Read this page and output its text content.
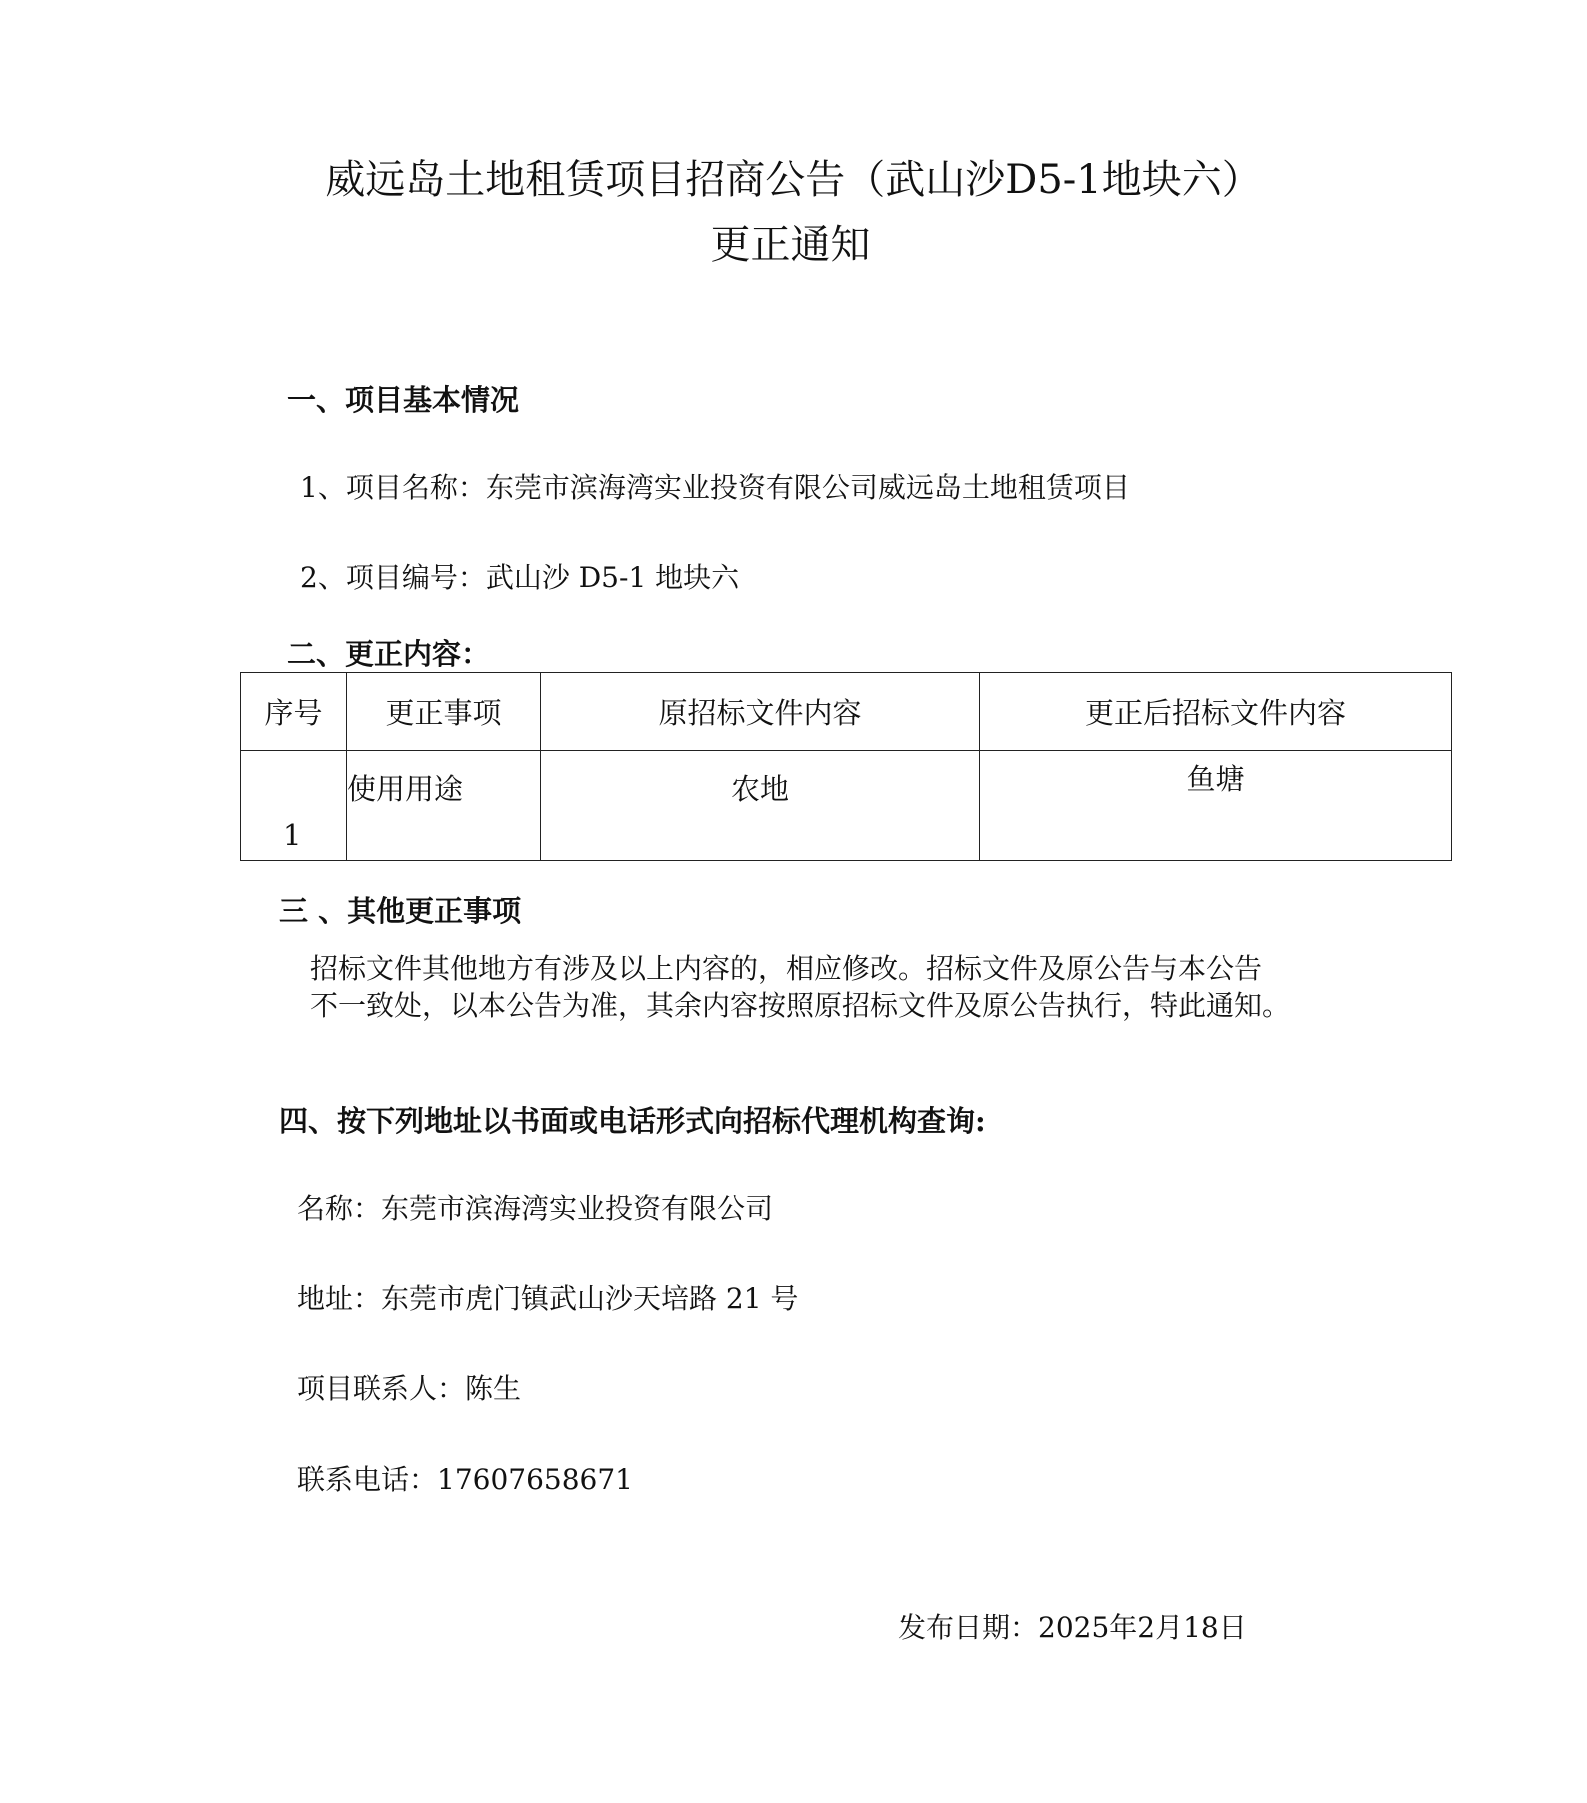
威远岛土地租赁项目招商公告（武山沙D5-1地块六）
更正通知
一、项目基本情况
1、项目名称：东莞市滨海湾实业投资有限公司威远岛土地租赁项目
2、项目编号：武山沙 D5-1 地块六
二、更正内容：
序号	更正事项	原招标文件内容	更正后招标文件内容
1	使用用途	农地	鱼塘
三 、其他更正事项
招标文件其他地方有涉及以上内容的，相应修改。招标文件及原公告与本公告
不一致处，以本公告为准，其余内容按照原招标文件及原公告执行，特此通知。
四、按下列地址以书面或电话形式向招标代理机构查询:
名称：东莞市滨海湾实业投资有限公司
地址：东莞市虎门镇武山沙天培路 21 号
项目联系人：陈生
联系电话：17607658671
发布日期：2025年2月18日
